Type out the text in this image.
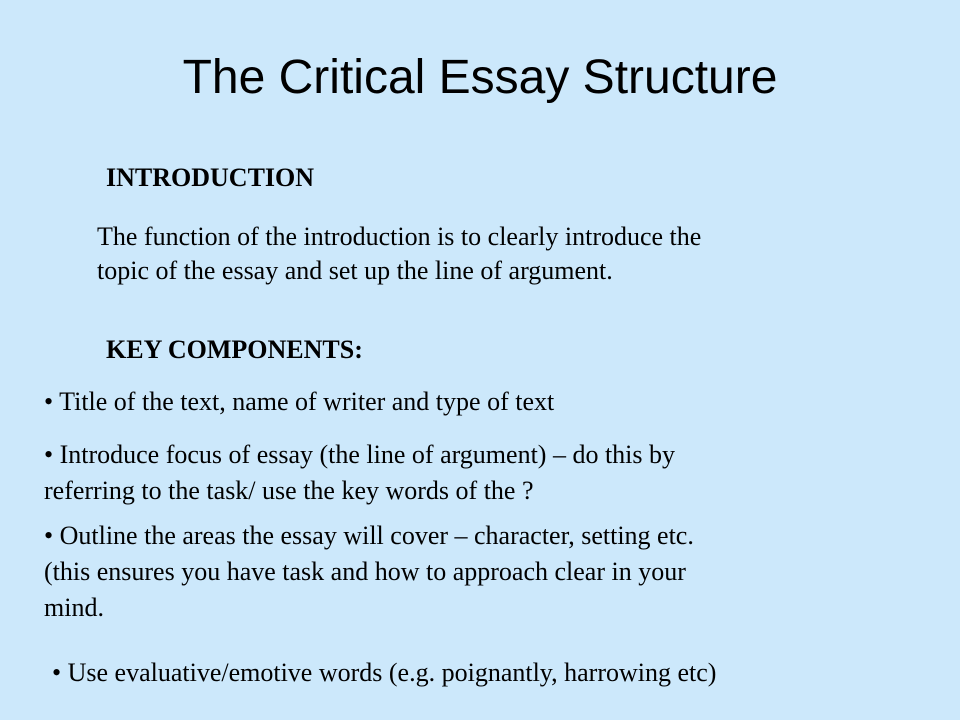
The Critical Essay Structure
INTRODUCTION
The function of the introduction is to clearly introduce the
topic of the essay and set up the line of argument.
KEY COMPONENTS:
• Title of the text, name of writer and type of text
• Introduce focus of essay (the line of argument) – do this by
referring to the task/ use the key words of the ?
• Outline the areas the essay will cover – character, setting etc.
(this ensures you have task and how to approach clear in your
mind.
• Use evaluative/emotive words (e.g. poignantly, harrowing etc)
